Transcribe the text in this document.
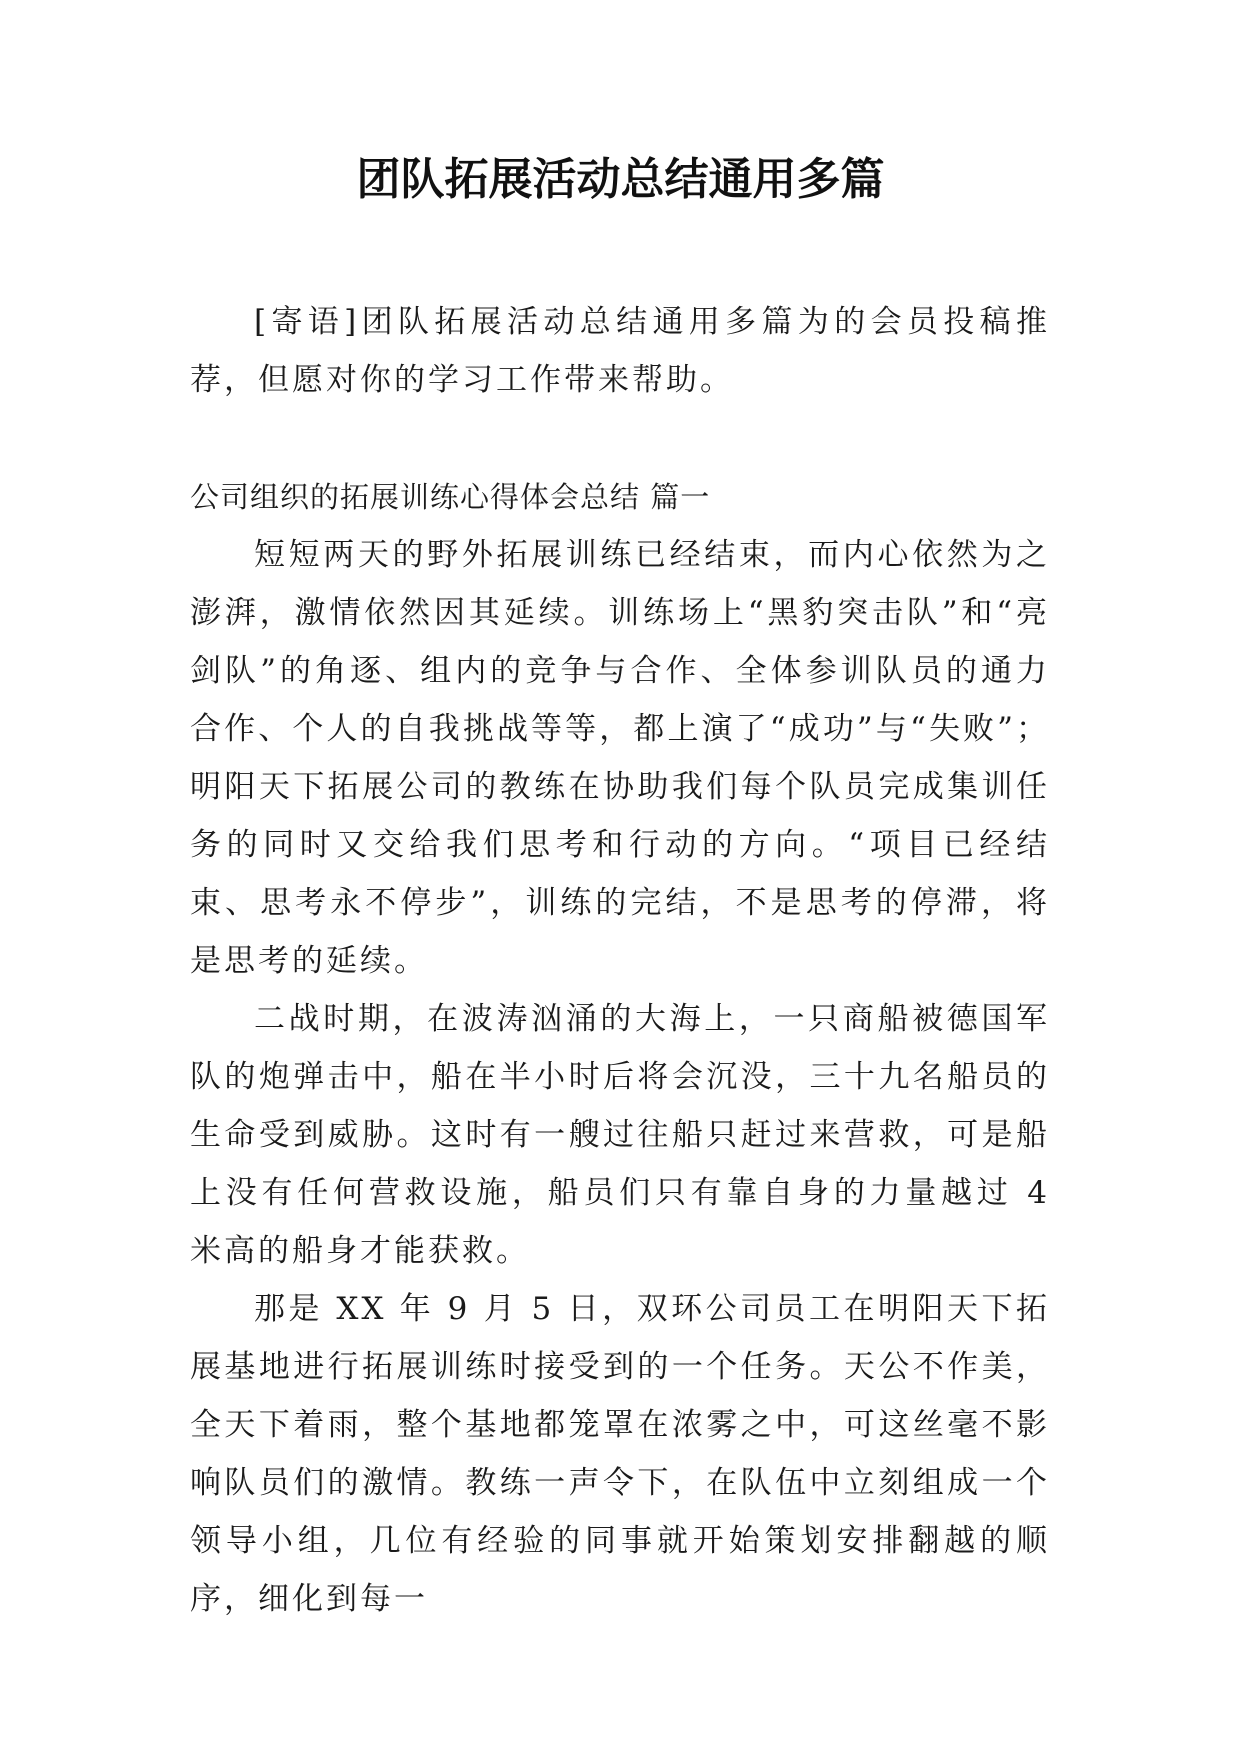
团队拓展活动总结通用多篇

[寄语]团队拓展活动总结通用多篇为的会员投稿推荐，但愿对你的学习工作带来帮助。

公司组织的拓展训练心得体会总结 篇一

短短两天的野外拓展训练已经结束，而内心依然为之澎湃，激情依然因其延续。训练场上“黑豹突击队”和“亮剑队”的角逐、组内的竞争与合作、全体参训队员的通力合作、个人的自我挑战等等，都上演了“成功”与“失败”；明阳天下拓展公司的教练在协助我们每个队员完成集训任务的同时又交给我们思考和行动的方向。“项目已经结束、思考永不停步”，训练的完结，不是思考的停滞，将是思考的延续。

二战时期，在波涛汹涌的大海上，一只商船被德国军队的炮弹击中，船在半小时后将会沉没，三十九名船员的生命受到威胁。这时有一艘过往船只赶过来营救，可是船上没有任何营救设施，船员们只有靠自身的力量越过 4 米高的船身才能获救。

那是 XX 年 9 月 5 日，双环公司员工在明阳天下拓展基地进行拓展训练时接受到的一个任务。天公不作美，全天下着雨，整个基地都笼罩在浓雾之中，可这丝毫不影响队员们的激情。教练一声令下，在队伍中立刻组成一个领导小组，几位有经验的同事就开始策划安排翻越的顺序，细化到每一
